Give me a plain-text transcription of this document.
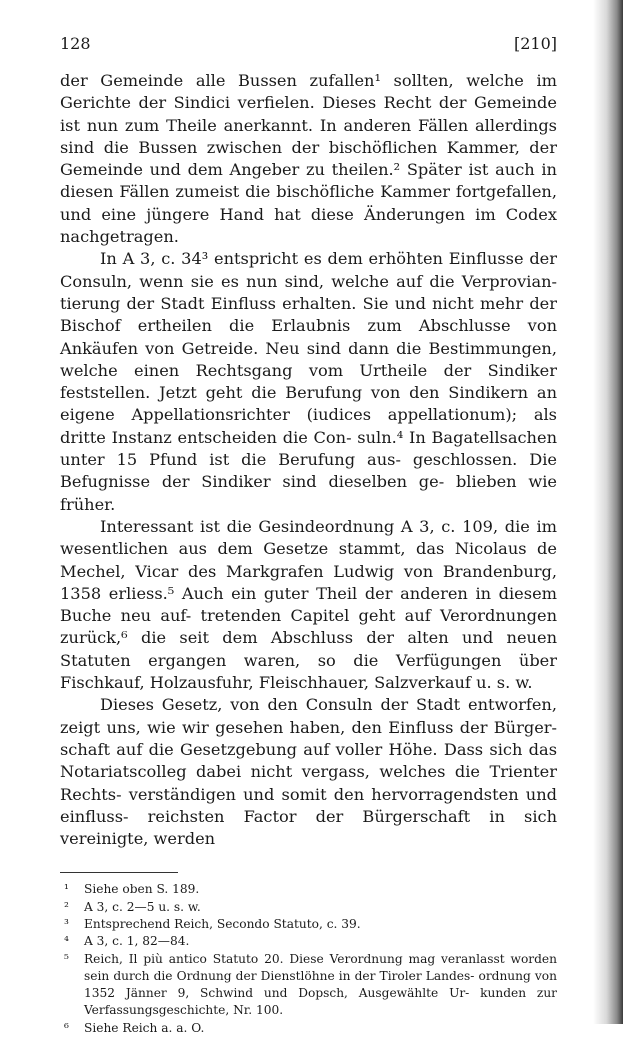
128	[210]

der Gemeinde alle Bussen zufallen¹ sollten, welche im Gerichte der Sindici verfielen. Dieses Recht der Gemeinde ist nun zum Theile anerkannt. In anderen Fällen allerdings sind die Bussen zwischen der bischöflichen Kammer, der Gemeinde und dem Angeber zu theilen.² Später ist auch in diesen Fällen zumeist die bischöfliche Kammer fortgefallen, und eine jüngere Hand hat diese Änderungen im Codex nachgetragen.

In A 3, c. 34³ entspricht es dem erhöhten Einflusse der Consuln, wenn sie es nun sind, welche auf die Verprovian- tierung der Stadt Einfluss erhalten. Sie und nicht mehr der Bischof ertheilen die Erlaubnis zum Abschlusse von Ankäufen von Getreide. Neu sind dann die Bestimmungen, welche einen Rechtsgang vom Urtheile der Sindiker feststellen. Jetzt geht die Berufung von den Sindikern an eigene Appellationsrichter (iudices appellationum); als dritte Instanz entscheiden die Con- suln.⁴ In Bagatellsachen unter 15 Pfund ist die Berufung aus- geschlossen. Die Befugnisse der Sindiker sind dieselben ge- blieben wie früher.

Interessant ist die Gesindeordnung A 3, c. 109, die im wesentlichen aus dem Gesetze stammt, das Nicolaus de Mechel, Vicar des Markgrafen Ludwig von Brandenburg, 1358 erliess.⁵ Auch ein guter Theil der anderen in diesem Buche neu auf- tretenden Capitel geht auf Verordnungen zurück,⁶ die seit dem Abschluss der alten und neuen Statuten ergangen waren, so die Verfügungen über Fischkauf, Holzausfuhr, Fleischhauer, Salzverkauf u. s. w.

Dieses Gesetz, von den Consuln der Stadt entworfen, zeigt uns, wie wir gesehen haben, den Einfluss der Bürger- schaft auf die Gesetzgebung auf voller Höhe. Dass sich das Notariatscolleg dabei nicht vergass, welches die Trienter Rechts- verständigen und somit den hervorragendsten und einfluss- reichsten Factor der Bürgerschaft in sich vereinigte, werden

¹	Siehe oben S. 189.
²	A 3, c. 2—5 u. s. w.
³	Entsprechend Reich, Secondo Statuto, c. 39.
⁴	A 3, c. 1, 82—84.
⁵	Reich, Il più antico Statuto 20. Diese Verordnung mag veranlasst worden sein durch die Ordnung der Dienstlöhne in der Tiroler Landes- ordnung von 1352 Jänner 9, Schwind und Dopsch, Ausgewählte Ur- kunden zur Verfassungsgeschichte, Nr. 100.
⁶	Siehe Reich a. a. O.
